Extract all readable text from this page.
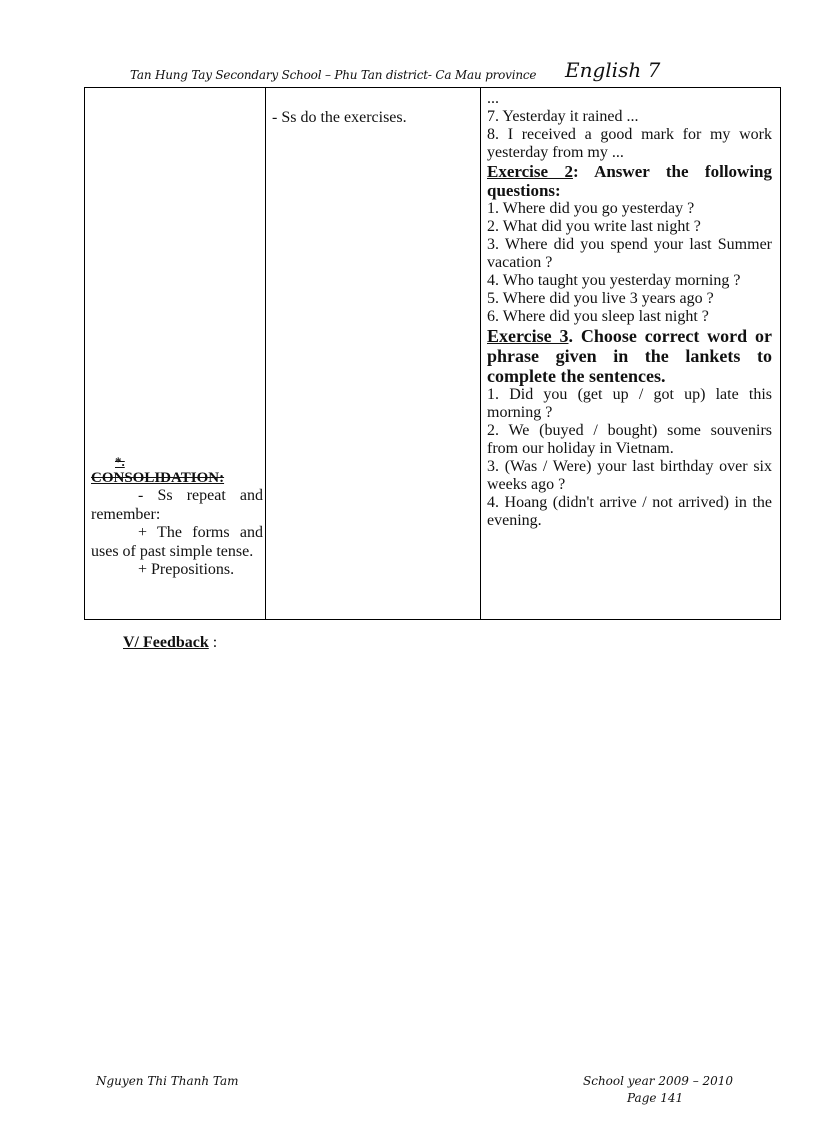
Tan Hung Tay Secondary School – Phu Tan district- Ca Mau province English 7
*.
CONSOLIDATION:
- Ss repeat and remember:
+ The forms and uses of past simple tense.
+ Prepositions.
- Ss do the exercises.

...

7. Yesterday it rained ...

8. I received a good mark for my work yesterday from my ...

Exercise 2: Answer the following questions:

1. Where did you go yesterday ?

2. What did you write last night ?

3. Where did you spend your last Summer vacation ?

4. Who taught you yesterday morning ?

5. Where did you live 3 years ago ?

6. Where did you sleep last night ?

Exercise 3. Choose correct word or phrase given in the lankets to complete the sentences.

1. Did you (get up / got up) late this morning ?

2. We (buyed / bought) some souvenirs from our holiday in Vietnam.

3. (Was / Were) your last birthday over six weeks ago ?

4. Hoang (didn't arrive / not arrived) in the evening.

V/ Feedback :
Nguyen Thi Thanh Tam	School year 2009 – 2010
Page 141
